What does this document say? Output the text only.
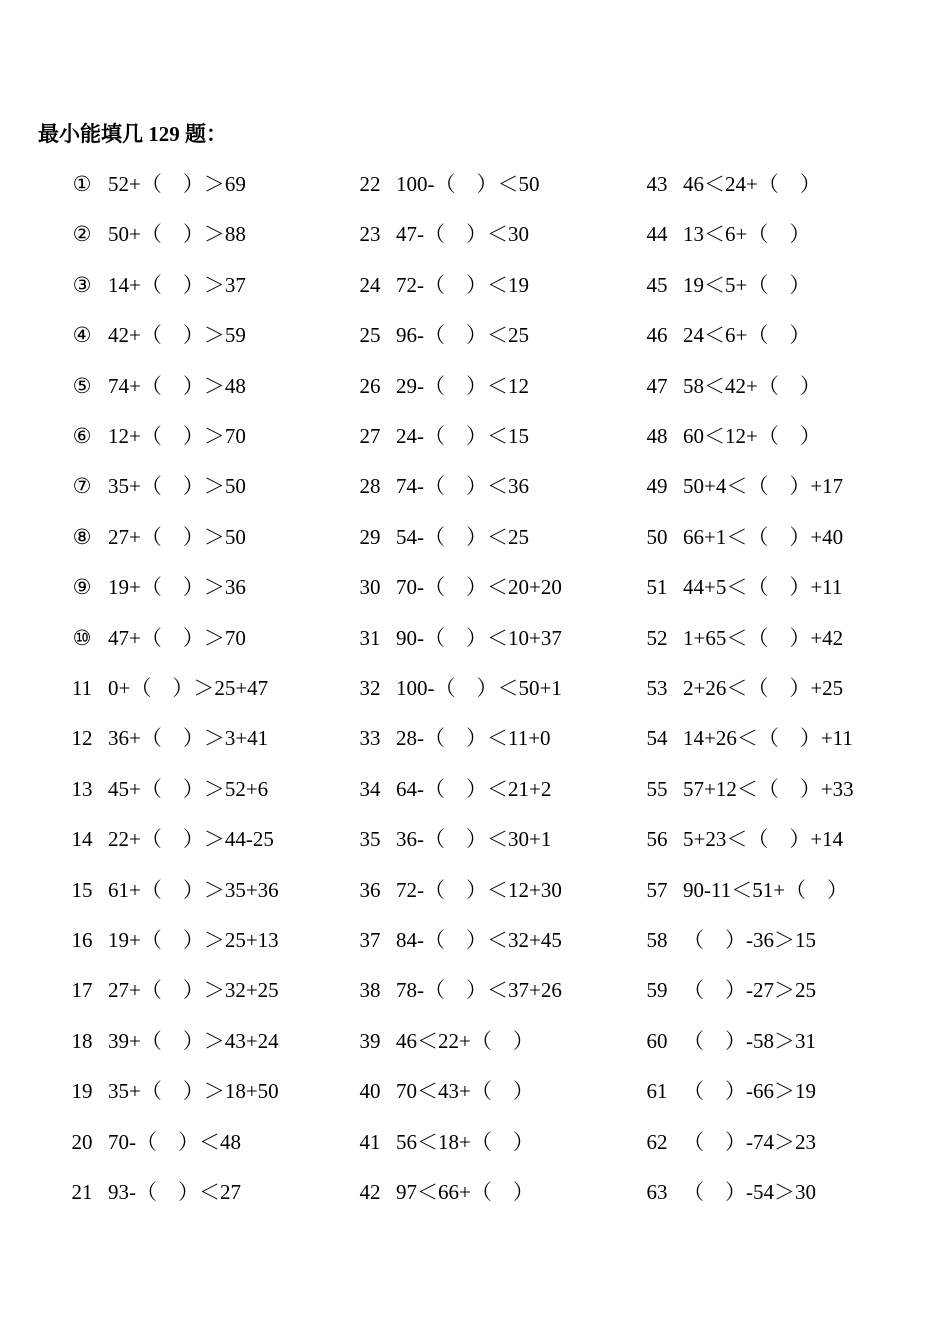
最小能填几 129 题：
① 52+（　）＞69
② 50+（　）＞88
③ 14+（　）＞37
④ 42+（　）＞59
⑤ 74+（　）＞48
⑥ 12+（　）＞70
⑦ 35+（　）＞50
⑧ 27+（　）＞50
⑨ 19+（　）＞36
⑩ 47+（　）＞70
11 0+（　）＞25+47
12 36+（　）＞3+41
13 45+（　）＞52+6
14 22+（　）＞44-25
15 61+（　）＞35+36
16 19+（　）＞25+13
17 27+（　）＞32+25
18 39+（　）＞43+24
19 35+（　）＞18+50
20 70-（　）＜48
21 93-（　）＜27
22 100-（　）＜50
23 47-（　）＜30
24 72-（　）＜19
25 96-（　）＜25
26 29-（　）＜12
27 24-（　）＜15
28 74-（　）＜36
29 54-（　）＜25
30 70-（　）＜20+20
31 90-（　）＜10+37
32 100-（　）＜50+1
33 28-（　）＜11+0
34 64-（　）＜21+2
35 36-（　）＜30+1
36 72-（　）＜12+30
37 84-（　）＜32+45
38 78-（　）＜37+26
39 46＜22+（　）
40 70＜43+（　）
41 56＜18+（　）
42 97＜66+（　）
43 46＜24+（　）
44 13＜6+（　）
45 19＜5+（　）
46 24＜6+（　）
47 58＜42+（　）
48 60＜12+（　）
49 50+4＜（　）+17
50 66+1＜（　）+40
51 44+5＜（　）+11
52 1+65＜（　）+42
53 2+26＜（　）+25
54 14+26＜（　）+11
55 57+12＜（　）+33
56 5+23＜（　）+14
57 90-11＜51+（　）
58 （　）-36＞15
59 （　）-27＞25
60 （　）-58＞31
61 （　）-66＞19
62 （　）-74＞23
63 （　）-54＞30
